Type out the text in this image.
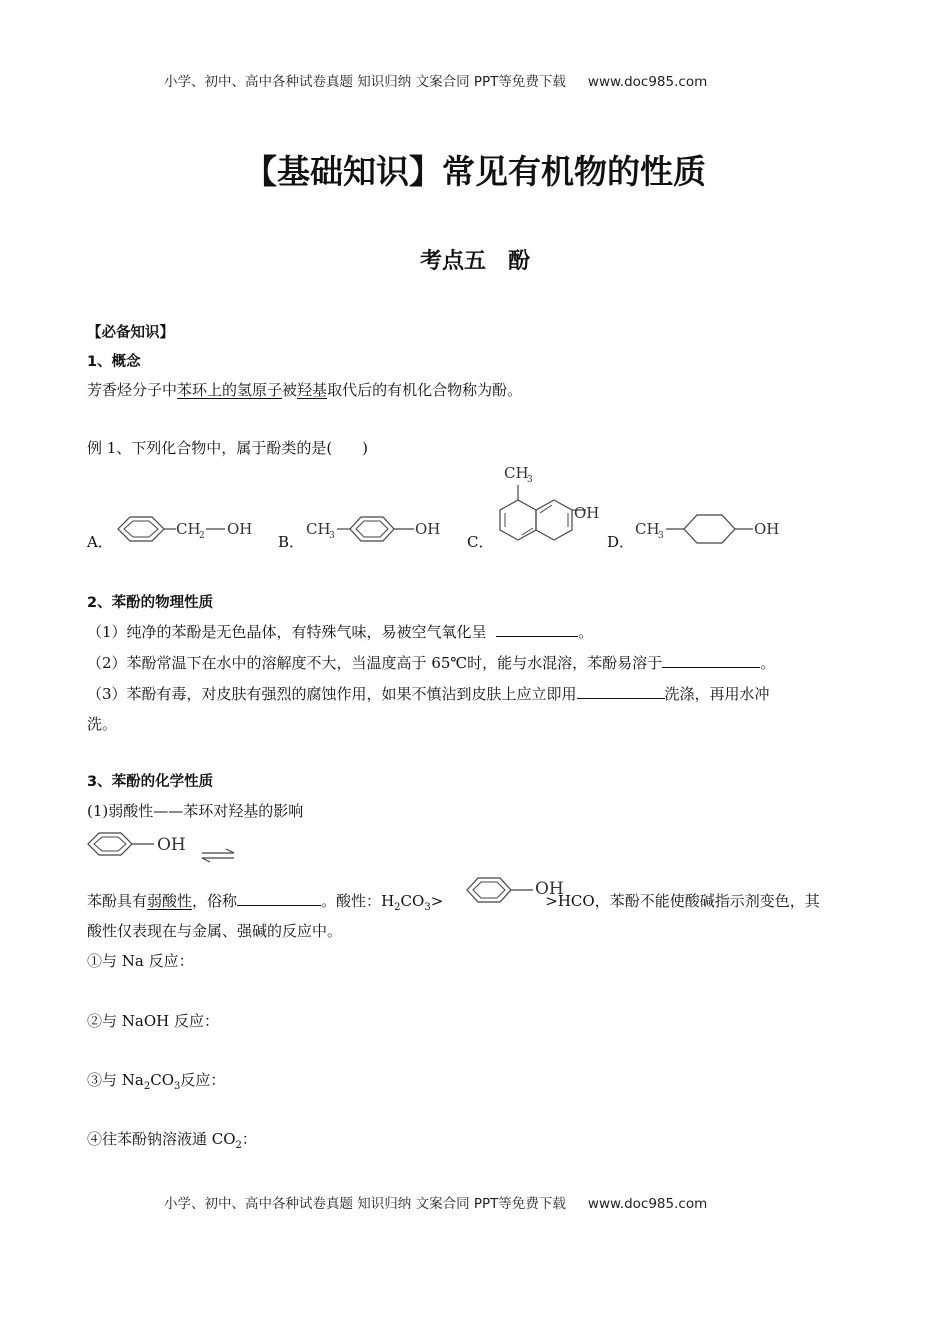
小学、初中、高中各种试卷真题 知识归纳 文案合同 PPT等免费下载 www.doc985.com
【基础知识】常见有机物的性质
考点五　酚
【必备知识】
1、概念
芳香烃分子中苯环上的氢原子被羟基取代后的有机化合物称为酚。
例 1、下列化合物中，属于酚类的是(　　)
A．
CH
2 OH
B．
CH
3	OH
C．
CH
3
OH
D．
CH
3	OH
2、苯酚的物理性质
（1）纯净的苯酚是无色晶体，有特殊气味，易被空气氧化呈	。
（2）苯酚常温下在水中的溶解度不大，当温度高于 65℃时，能与水混溶，苯酚易溶于	。
（3）苯酚有毒，对皮肤有强烈的腐蚀作用，如果不慎沾到皮肤上应立即用	洗涤，再用水冲
洗。
3、苯酚的化学性质
(1)弱酸性——苯环对羟基的影响
OH
苯酚具有弱酸性，俗称	。酸性：$H_2CO_3>$	>HCO，苯酚不能使酸碱指示剂变色，其
OH
酸性仅表现在与金属、强碱的反应中。
①与 Na 反应：
②与 NaOH 反应：
③与 $Na_2CO_3$反应：
④往苯酚钠溶液通 $CO_2$：
小学、初中、高中各种试卷真题 知识归纳 文案合同 PPT等免费下载 www.doc985.com
